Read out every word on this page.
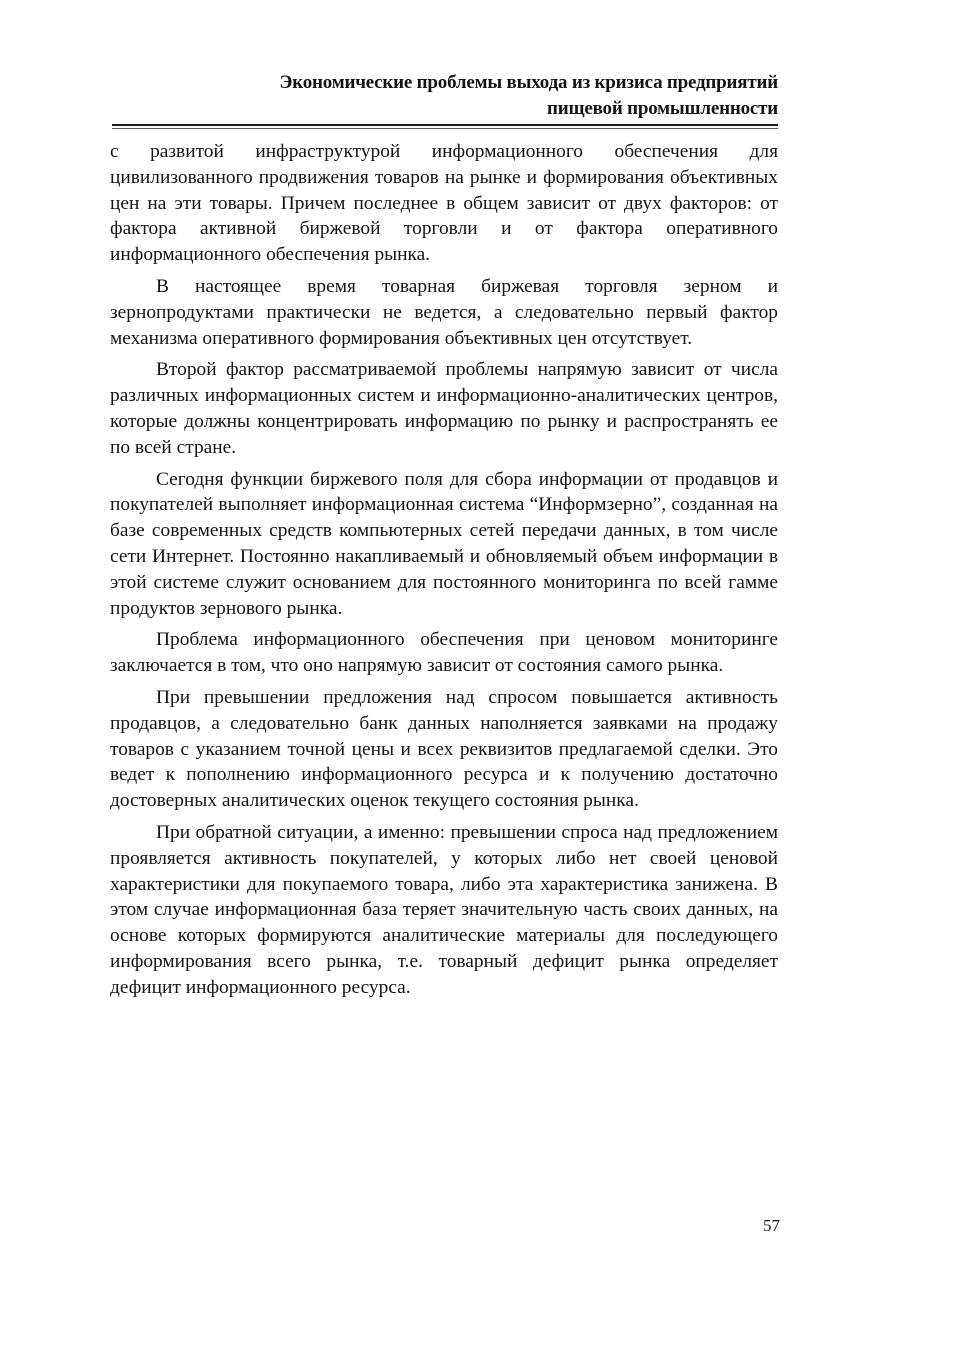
Экономические проблемы выхода из кризиса предприятий
пищевой промышленности

с развитой инфраструктурой информационного обеспечения для цивилизованного продвижения товаров на рынке и формирования объективных цен на эти товары. Причем последнее в общем зависит от двух факторов: от фактора активной биржевой торговли и от фактора оперативного информационного обеспечения рынка.

В настоящее время товарная биржевая торговля зерном и зернопродуктами практически не ведется, а следовательно первый фактор механизма оперативного формирования объективных цен отсутствует.

Второй фактор рассматриваемой проблемы напрямую зависит от числа различных информационных систем и информационно-аналитических центров, которые должны концентрировать информацию по рынку и распространять ее по всей стране.

Сегодня функции биржевого поля для сбора информации от продавцов и покупателей выполняет информационная система “Информзерно”, созданная на базе современных средств компьютерных сетей передачи данных, в том числе сети Интернет. Постоянно накапливаемый и обновляемый объем информации в этой системе служит основанием для постоянного мониторинга по всей гамме продуктов зернового рынка.

Проблема информационного обеспечения при ценовом мониторинге заключается в том, что оно напрямую зависит от состояния самого рынка.

При превышении предложения над спросом повышается активность продавцов, а следовательно банк данных наполняется заявками на продажу товаров с указанием точной цены и всех реквизитов предлагаемой сделки. Это ведет к пополнению информационного ресурса и к получению достаточно достоверных аналитических оценок текущего состояния рынка.

При обратной ситуации, а именно: превышении спроса над предложением проявляется активность покупателей, у которых либо нет своей ценовой характеристики для покупаемого товара, либо эта характеристика занижена. В этом случае информационная база теряет значительную часть своих данных, на основе которых формируются аналитические материалы для последующего информирования всего рынка, т.е. товарный дефицит рынка определяет дефицит информационного ресурса.

57
